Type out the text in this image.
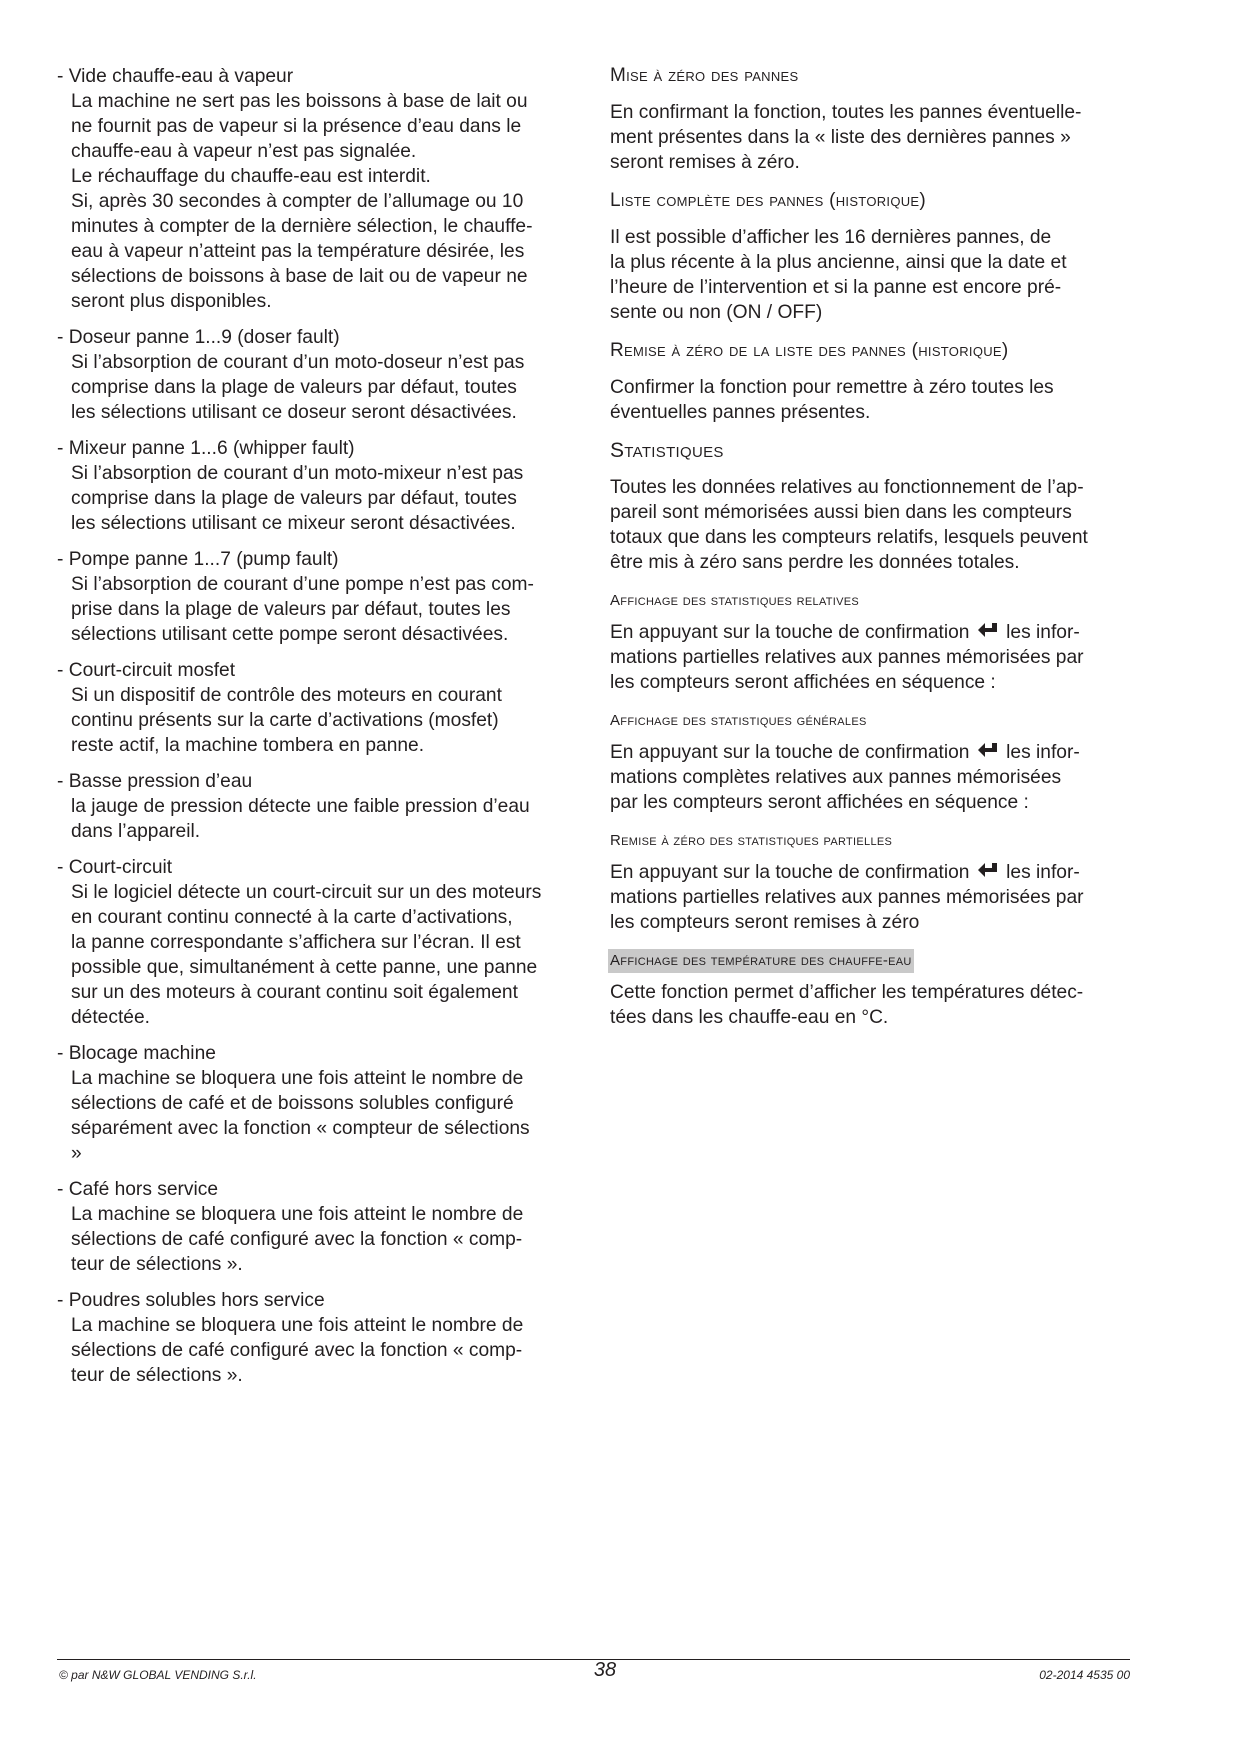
- Vide chauffe-eau à vapeur

La machine ne sert pas les boissons à base de lait ou

ne fournit pas de vapeur si la présence d’eau dans le

chauffe-eau à vapeur n’est pas signalée.

Le réchauffage du chauffe-eau est interdit.

Si, après 30 secondes à compter de l’allumage ou 10

minutes à compter de la dernière sélection, le chauffe-

eau à vapeur n’atteint pas la température désirée, les

sélections de boissons à base de lait ou de vapeur ne

seront plus disponibles.

- Doseur panne 1...9 (doser fault)

Si l’absorption de courant d’un moto-doseur n’est pas

comprise dans la plage de valeurs par défaut, toutes

les sélections utilisant ce doseur seront désactivées.

- Mixeur panne 1...6 (whipper fault)

Si l’absorption de courant d’un moto-mixeur n’est pas

comprise dans la plage de valeurs par défaut, toutes

les sélections utilisant ce mixeur seront désactivées.

- Pompe panne 1...7 (pump fault)

Si l’absorption de courant d’une pompe n’est pas com-

prise dans la plage de valeurs par défaut, toutes les

sélections utilisant cette pompe seront désactivées.

- Court-circuit mosfet

Si un dispositif de contrôle des moteurs en courant

continu présents sur la carte d’activations (mosfet)

reste actif, la machine tombera en panne.

- Basse pression d’eau

la jauge de pression détecte une faible pression d’eau

dans l’appareil.

- Court-circuit

Si le logiciel détecte un court-circuit sur un des moteurs

en courant continu connecté à la carte d’activations,

la panne correspondante s’affichera sur l’écran. Il est

possible que, simultanément à cette panne, une panne

sur un des moteurs à courant continu soit également

détectée.

- Blocage machine

La machine se bloquera une fois atteint le nombre de

sélections de café et de boissons solubles configuré

séparément avec la fonction « compteur de sélections

»

- Café hors service

La machine se bloquera une fois atteint le nombre de

sélections de café configuré avec la fonction « comp-

teur de sélections ».

- Poudres solubles hors service

La machine se bloquera une fois atteint le nombre de

sélections de café configuré avec la fonction « comp-

teur de sélections ».

Mise à zéro des pannes

En confirmant la fonction, toutes les pannes éventuelle-

ment présentes dans la « liste des dernières pannes »

seront remises à zéro.

Liste complète des pannes (historique)

Il est possible d’afficher les 16 dernières pannes, de

la plus récente à la plus ancienne, ainsi que la date et

l’heure de l’intervention et si la panne est encore pré-

sente ou non (ON / OFF)

Remise à zéro de la liste des pannes (historique)

Confirmer la fonction pour remettre à zéro toutes les

éventuelles pannes présentes.

Statistiques

Toutes les données relatives au fonctionnement de l’ap-

pareil sont mémorisées aussi bien dans les compteurs

totaux que dans les compteurs relatifs, lesquels peuvent

être mis à zéro sans perdre les données totales.

Affichage des statistiques relatives

En appuyant sur la touche de confirmation les infor-

mations partielles relatives aux pannes mémorisées par

les compteurs seront affichées en séquence :

Affichage des statistiques générales

En appuyant sur la touche de confirmation les infor-

mations complètes relatives aux pannes mémorisées

par les compteurs seront affichées en séquence :

Remise à zéro des statistiques partielles

En appuyant sur la touche de confirmation les infor-

mations partielles relatives aux pannes mémorisées par

les compteurs seront remises à zéro

Affichage des température des chauffe-eau

Cette fonction permet d’afficher les températures détec-

tées dans les chauffe-eau en °C.

© par N&W GLOBAL VENDING S.r.l.	38	02-2014 4535 00
